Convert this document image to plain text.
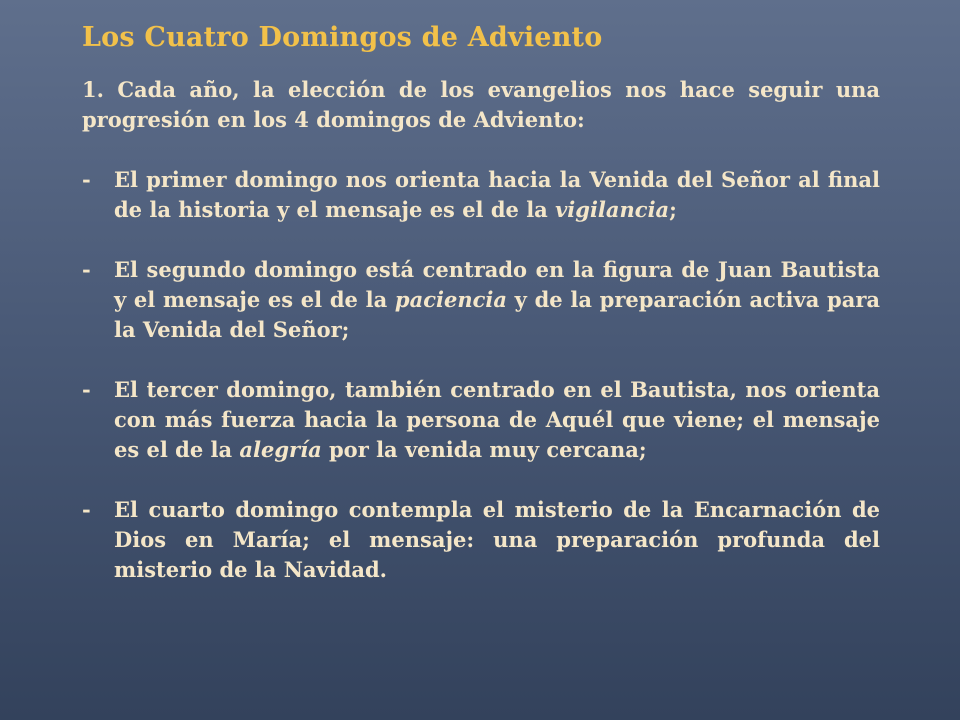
Los Cuatro Domingos de Adviento
1. Cada año, la elección de los evangelios nos hace seguir una progresión en los 4 domingos de Adviento:
- El primer domingo nos orienta hacia la Venida del Señor al final de la historia y el mensaje es el de la vigilancia;
- El segundo domingo está centrado en la figura de Juan Bautista y el mensaje es el de la paciencia y de la preparación activa para la Venida del Señor;
- El tercer domingo, también centrado en el Bautista, nos orienta con más fuerza hacia la persona de Aquél que viene; el mensaje es el de la alegría por la venida muy cercana;
- El cuarto domingo contempla el misterio de la Encarnación de Dios en María; el mensaje: una preparación profunda del misterio de la Navidad.
